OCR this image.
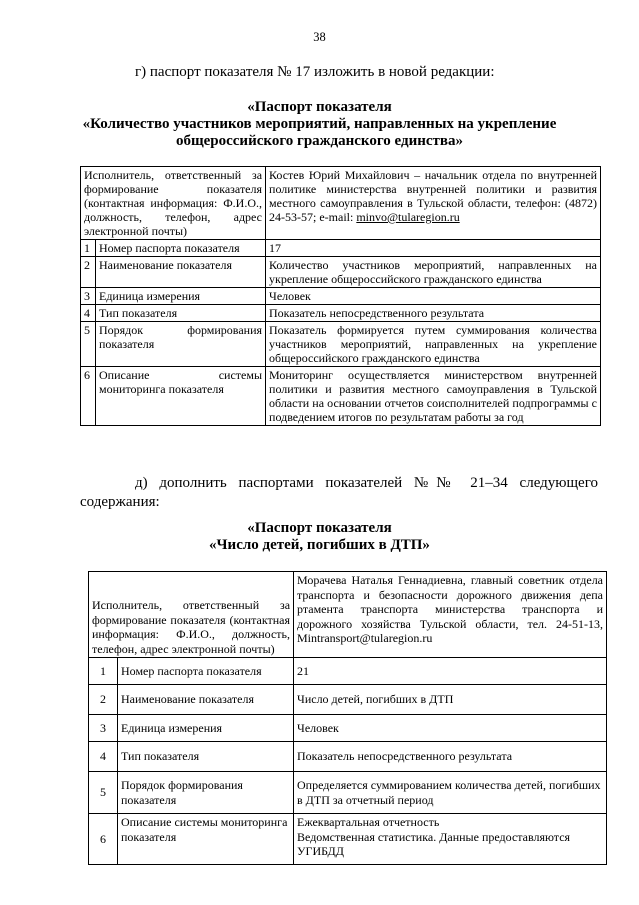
38
г) паспорт показателя № 17 изложить в новой редакции:
«Паспорт показателя
«Количество участников мероприятий, направленных на укрепление
общероссийского гражданского единства»
Исполнитель, ответственный за формирование показателя (контактная информация: Ф.И.О., должность, телефон, адрес электронной почты)		Костев Юрий Михайлович – начальник отдела по внутренней политике министерства внутренней политики и развития местного самоуправления в Тульской области, телефон: (4872) 24-53-57; e-mail: minvo@tularegion.ru
1	Номер паспорта показателя	17
2	Наименование показателя	Количество участников мероприятий, направленных на укрепление общероссийского гражданского единства
3	Единица измерения	Человек
4	Тип показателя	Показатель непосредственного результата
5	Порядок формирования показателя	Показатель формируется путем суммирования количества участников мероприятий, направленных на укрепление общероссийского гражданского единства
6	Описание системы мониторинга показателя	Мониторинг осуществляется министерством внутренней политики и развития местного самоуправления в Тульской области на основании отчетов соисполнителей подпрограммы с подведением итогов по результатам работы за год
д) дополнить паспортами показателей №№ 21–34 следующего
содержания:
«Паспорт показателя
«Число детей, погибших в ДТП»
Исполнитель, ответственный за формирование показателя (контактная информация: Ф.И.О., должность, телефон, адрес электронной почты)		Морачева Наталья Геннадиевна, главный советник отдела транспорта и безопасности дорожного движения депа ртамента транспорта министерства транспорта и дорожного хозяйства Тульской области, тел. 24-51-13, Mintransport@tularegion.ru
1	Номер паспорта показателя	21
2	Наименование показателя	Число детей, погибших в ДТП
3	Единица измерения	Человек
4	Тип показателя	Показатель непосредственного результата
5	Порядок формирования показателя	Определяется суммированием количества детей, погибших в ДТП за отчетный период
6	Описание системы мониторинга показателя	Ежеквартальная отчетность
Ведомственная статистика. Данные предоставляются УГИБДД
